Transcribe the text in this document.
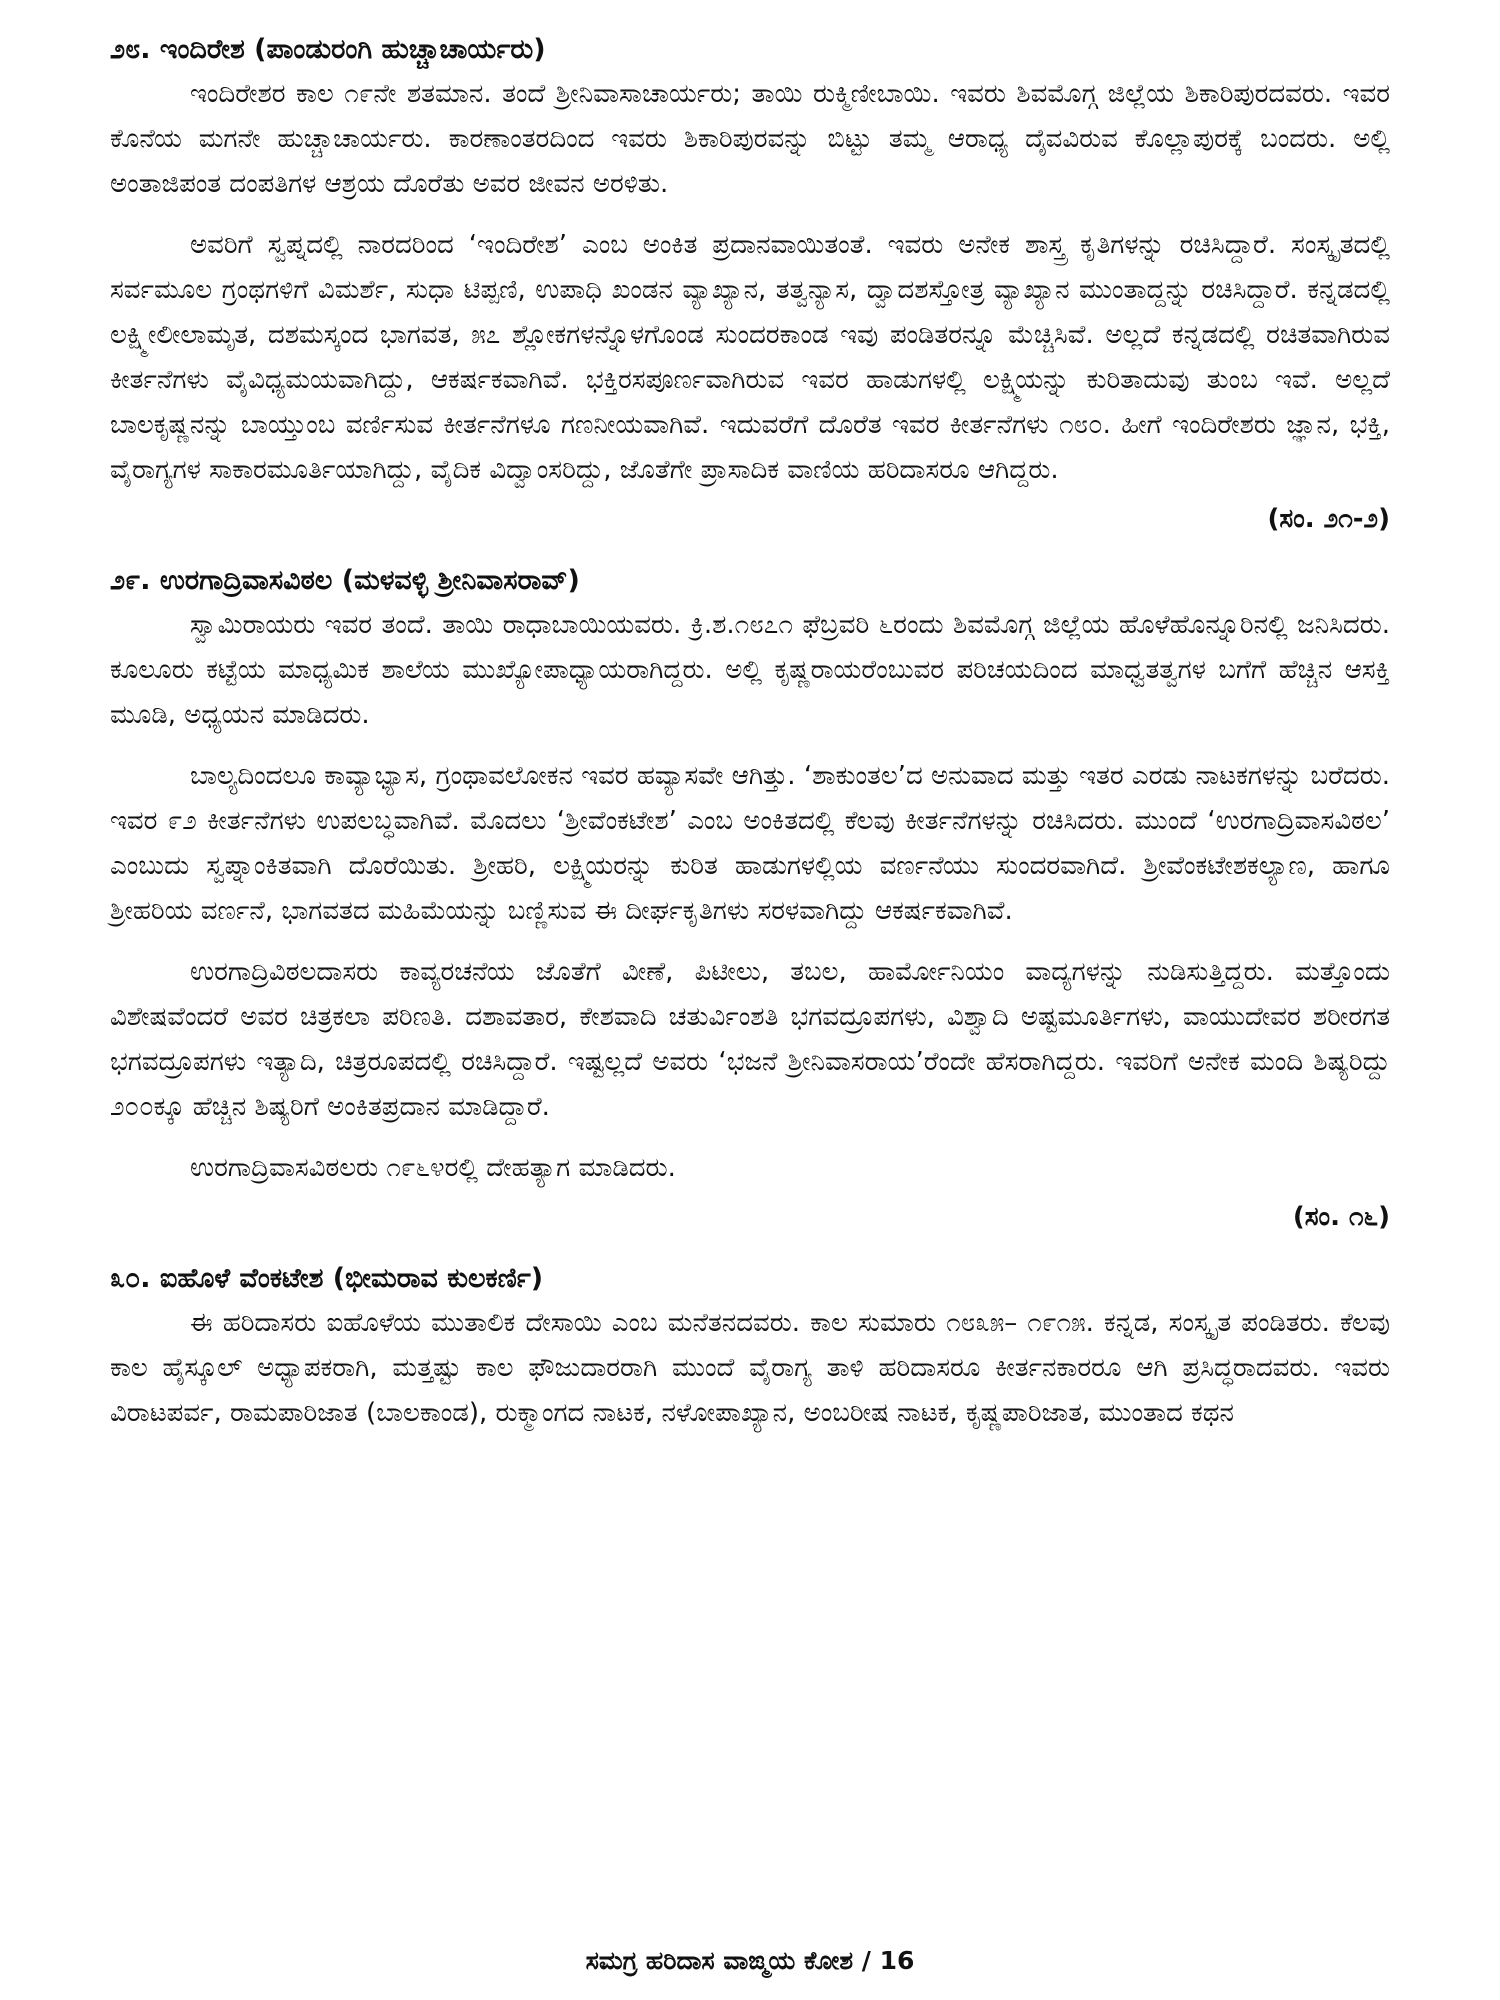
೨೮. ಇಂದಿರೇಶ (ಪಾಂಡುರಂಗಿ ಹುಚ್ಚಾಚಾರ್ಯರು)

ಇಂದಿರೇಶರ ಕಾಲ ೧೯ನೇ ಶತಮಾನ. ತಂದೆ ಶ್ರೀನಿವಾಸಾಚಾರ್ಯರು; ತಾಯಿ ರುಕ್ಮಿಣೀಬಾಯಿ. ಇವರು ಶಿವಮೊಗ್ಗ ಜಿಲ್ಲೆಯ ಶಿಕಾರಿಪುರದವರು. ಇವರ ಕೊನೆಯ ಮಗನೇ ಹುಚ್ಚಾಚಾರ್ಯರು. ಕಾರಣಾಂತರದಿಂದ ಇವರು ಶಿಕಾರಿಪುರವನ್ನು ಬಿಟ್ಟು ತಮ್ಮ ಆರಾಧ್ಯ ದೈವವಿರುವ ಕೊಲ್ಲಾಪುರಕ್ಕೆ ಬಂದರು. ಅಲ್ಲಿ ಅಂತಾಜಿಪಂತ ದಂಪತಿಗಳ ಆಶ್ರಯ ದೊರೆತು ಅವರ ಜೀವನ ಅರಳಿತು.

ಅವರಿಗೆ ಸ್ವಪ್ನದಲ್ಲಿ ನಾರದರಿಂದ ‘ಇಂದಿರೇಶ’ ಎಂಬ ಅಂಕಿತ ಪ್ರದಾನವಾಯಿತಂತೆ. ಇವರು ಅನೇಕ ಶಾಸ್ತ್ರ ಕೃತಿಗಳನ್ನು ರಚಿಸಿದ್ದಾರೆ. ಸಂಸ್ಕೃತದಲ್ಲಿ ಸರ್ವಮೂಲ ಗ್ರಂಥಗಳಿಗೆ ವಿಮರ್ಶೆ, ಸುಧಾ ಟಿಪ್ಪಣಿ, ಉಪಾಧಿ ಖಂಡನ ವ್ಯಾಖ್ಯಾನ, ತತ್ವನ್ಯಾಸ, ದ್ವಾದಶಸ್ತೋತ್ರ ವ್ಯಾಖ್ಯಾನ ಮುಂತಾದ್ದನ್ನು ರಚಿಸಿದ್ದಾರೆ. ಕನ್ನಡದಲ್ಲಿ ಲಕ್ಷ್ಮೀಲೀಲಾಮೃತ, ದಶಮಸ್ಕಂದ ಭಾಗವತ, ೫೭ ಶ್ಲೋಕಗಳನ್ನೊಳಗೊಂಡ ಸುಂದರಕಾಂಡ ಇವು ಪಂಡಿತರನ್ನೂ ಮೆಚ್ಚಿಸಿವೆ. ಅಲ್ಲದೆ ಕನ್ನಡದಲ್ಲಿ ರಚಿತವಾಗಿರುವ ಕೀರ್ತನೆಗಳು ವೈವಿಧ್ಯಮಯವಾಗಿದ್ದು, ಆಕರ್ಷಕವಾಗಿವೆ. ಭಕ್ತಿರಸಪೂರ್ಣವಾಗಿರುವ ಇವರ ಹಾಡುಗಳಲ್ಲಿ ಲಕ್ಷ್ಮಿಯನ್ನು ಕುರಿತಾದುವು ತುಂಬ ಇವೆ. ಅಲ್ಲದೆ ಬಾಲಕೃಷ್ಣನನ್ನು ಬಾಯ್ತುಂಬ ವರ್ಣಿಸುವ ಕೀರ್ತನೆಗಳೂ ಗಣನೀಯವಾಗಿವೆ. ಇದುವರೆಗೆ ದೊರೆತ ಇವರ ಕೀರ್ತನೆಗಳು ೧೮೦. ಹೀಗೆ ಇಂದಿರೇಶರು ಜ್ಞಾನ, ಭಕ್ತಿ, ವೈರಾಗ್ಯಗಳ ಸಾಕಾರಮೂರ್ತಿಯಾಗಿದ್ದು, ವೈದಿಕ ವಿದ್ವಾಂಸರಿದ್ದು, ಜೊತೆಗೇ ಪ್ರಾಸಾದಿಕ ವಾಣಿಯ ಹರಿದಾಸರೂ ಆಗಿದ್ದರು.

(ಸಂ. ೨೧-೨)
೨೯. ಉರಗಾದ್ರಿವಾಸವಿಠಲ (ಮಳವಳ್ಳಿ ಶ್ರೀನಿವಾಸರಾವ್)

ಸ್ವಾಮಿರಾಯರು ಇವರ ತಂದೆ. ತಾಯಿ ರಾಧಾಬಾಯಿಯವರು. ಕ್ರಿ.ಶ.೧೮೭೧ ಫೆಬ್ರವರಿ ೬ರಂದು ಶಿವಮೊಗ್ಗ ಜಿಲ್ಲೆಯ ಹೊಳೆಹೊನ್ನೂರಿನಲ್ಲಿ ಜನಿಸಿದರು. ಕೂಲೂರು ಕಟ್ಟೆಯ ಮಾಧ್ಯಮಿಕ ಶಾಲೆಯ ಮುಖ್ಯೋಪಾಧ್ಯಾಯರಾಗಿದ್ದರು. ಅಲ್ಲಿ ಕೃಷ್ಣರಾಯರೆಂಬುವರ ಪರಿಚಯದಿಂದ ಮಾಧ್ವತತ್ವಗಳ ಬಗೆಗೆ ಹೆಚ್ಚಿನ ಆಸಕ್ತಿ ಮೂಡಿ, ಅಧ್ಯಯನ ಮಾಡಿದರು.

ಬಾಲ್ಯದಿಂದಲೂ ಕಾವ್ಯಾಭ್ಯಾಸ, ಗ್ರಂಥಾವಲೋಕನ ಇವರ ಹವ್ಯಾಸವೇ ಆಗಿತ್ತು. ‘ಶಾಕುಂತಲ’ದ ಅನುವಾದ ಮತ್ತು ಇತರ ಎರಡು ನಾಟಕಗಳನ್ನು ಬರೆದರು. ಇವರ ೯೨ ಕೀರ್ತನೆಗಳು ಉಪಲಬ್ಧವಾಗಿವೆ. ಮೊದಲು ‘ಶ್ರೀವೆಂಕಟೇಶ’ ಎಂಬ ಅಂಕಿತದಲ್ಲಿ ಕೆಲವು ಕೀರ್ತನೆಗಳನ್ನು ರಚಿಸಿದರು. ಮುಂದೆ ‘ಉರಗಾದ್ರಿವಾಸವಿಠಲ’ ಎಂಬುದು ಸ್ವಪ್ನಾಂಕಿತವಾಗಿ ದೊರೆಯಿತು. ಶ್ರೀಹರಿ, ಲಕ್ಷ್ಮಿಯರನ್ನು ಕುರಿತ ಹಾಡುಗಳಲ್ಲಿಯ ವರ್ಣನೆಯು ಸುಂದರವಾಗಿದೆ. ಶ್ರೀವೆಂಕಟೇಶಕಲ್ಯಾಣ, ಹಾಗೂ ಶ್ರೀಹರಿಯ ವರ್ಣನೆ, ಭಾಗವತದ ಮಹಿಮೆಯನ್ನು ಬಣ್ಣಿಸುವ ಈ ದೀರ್ಘಕೃತಿಗಳು ಸರಳವಾಗಿದ್ದು ಆಕರ್ಷಕವಾಗಿವೆ.

ಉರಗಾದ್ರಿವಿಠಲದಾಸರು ಕಾವ್ಯರಚನೆಯ ಜೊತೆಗೆ ವೀಣೆ, ಪಿಟೀಲು, ತಬಲ, ಹಾರ್ಮೋನಿಯಂ ವಾದ್ಯಗಳನ್ನು ನುಡಿಸುತ್ತಿದ್ದರು. ಮತ್ತೊಂದು ವಿಶೇಷವೆಂದರೆ ಅವರ ಚಿತ್ರಕಲಾ ಪರಿಣತಿ. ದಶಾವತಾರ, ಕೇಶವಾದಿ ಚತುರ್ವಿಂಶತಿ ಭಗವದ್ರೂಪಗಳು, ವಿಶ್ವಾದಿ ಅಷ್ಟಮೂರ್ತಿಗಳು, ವಾಯುದೇವರ ಶರೀರಗತ ಭಗವದ್ರೂಪಗಳು ಇತ್ಯಾದಿ, ಚಿತ್ರರೂಪದಲ್ಲಿ ರಚಿಸಿದ್ದಾರೆ. ಇಷ್ಟಲ್ಲದೆ ಅವರು ‘ಭಜನೆ ಶ್ರೀನಿವಾಸರಾಯ’ರೆಂದೇ ಹೆಸರಾಗಿದ್ದರು. ಇವರಿಗೆ ಅನೇಕ ಮಂದಿ ಶಿಷ್ಯರಿದ್ದು ೨೦೦ಕ್ಕೂ ಹೆಚ್ಚಿನ ಶಿಷ್ಯರಿಗೆ ಅಂಕಿತಪ್ರದಾನ ಮಾಡಿದ್ದಾರೆ.

ಉರಗಾದ್ರಿವಾಸವಿಠಲರು ೧೯೬೪ರಲ್ಲಿ ದೇಹತ್ಯಾಗ ಮಾಡಿದರು.

(ಸಂ. ೧೬)
೩೦. ಐಹೊಳೆ ವೆಂಕಟೇಶ (ಭೀಮರಾವ ಕುಲಕರ್ಣಿ)

ಈ ಹರಿದಾಸರು ಐಹೊಳೆಯ ಮುತಾಲಿಕ ದೇಸಾಯಿ ಎಂಬ ಮನೆತನದವರು. ಕಾಲ ಸುಮಾರು ೧೮೩೫– ೧೯೧೫. ಕನ್ನಡ, ಸಂಸ್ಕೃತ ಪಂಡಿತರು. ಕೆಲವು ಕಾಲ ಹೈಸ್ಕೂಲ್ ಅಧ್ಯಾಪಕರಾಗಿ, ಮತ್ತಷ್ಟು ಕಾಲ ಫೌಜುದಾರರಾಗಿ ಮುಂದೆ ವೈರಾಗ್ಯ ತಾಳಿ ಹರಿದಾಸರೂ ಕೀರ್ತನಕಾರರೂ ಆಗಿ ಪ್ರಸಿದ್ಧರಾದವರು. ಇವರು ವಿರಾಟಪರ್ವ, ರಾಮಪಾರಿಜಾತ (ಬಾಲಕಾಂಡ), ರುಕ್ಮಾಂಗದ ನಾಟಕ, ನಳೋಪಾಖ್ಯಾನ, ಅಂಬರೀಷ ನಾಟಕ, ಕೃಷ್ಣಪಾರಿಜಾತ, ಮುಂತಾದ ಕಥನ

ಸಮಗ್ರ ಹರಿದಾಸ ವಾಙ್ಮಯ ಕೋಶ / 16
